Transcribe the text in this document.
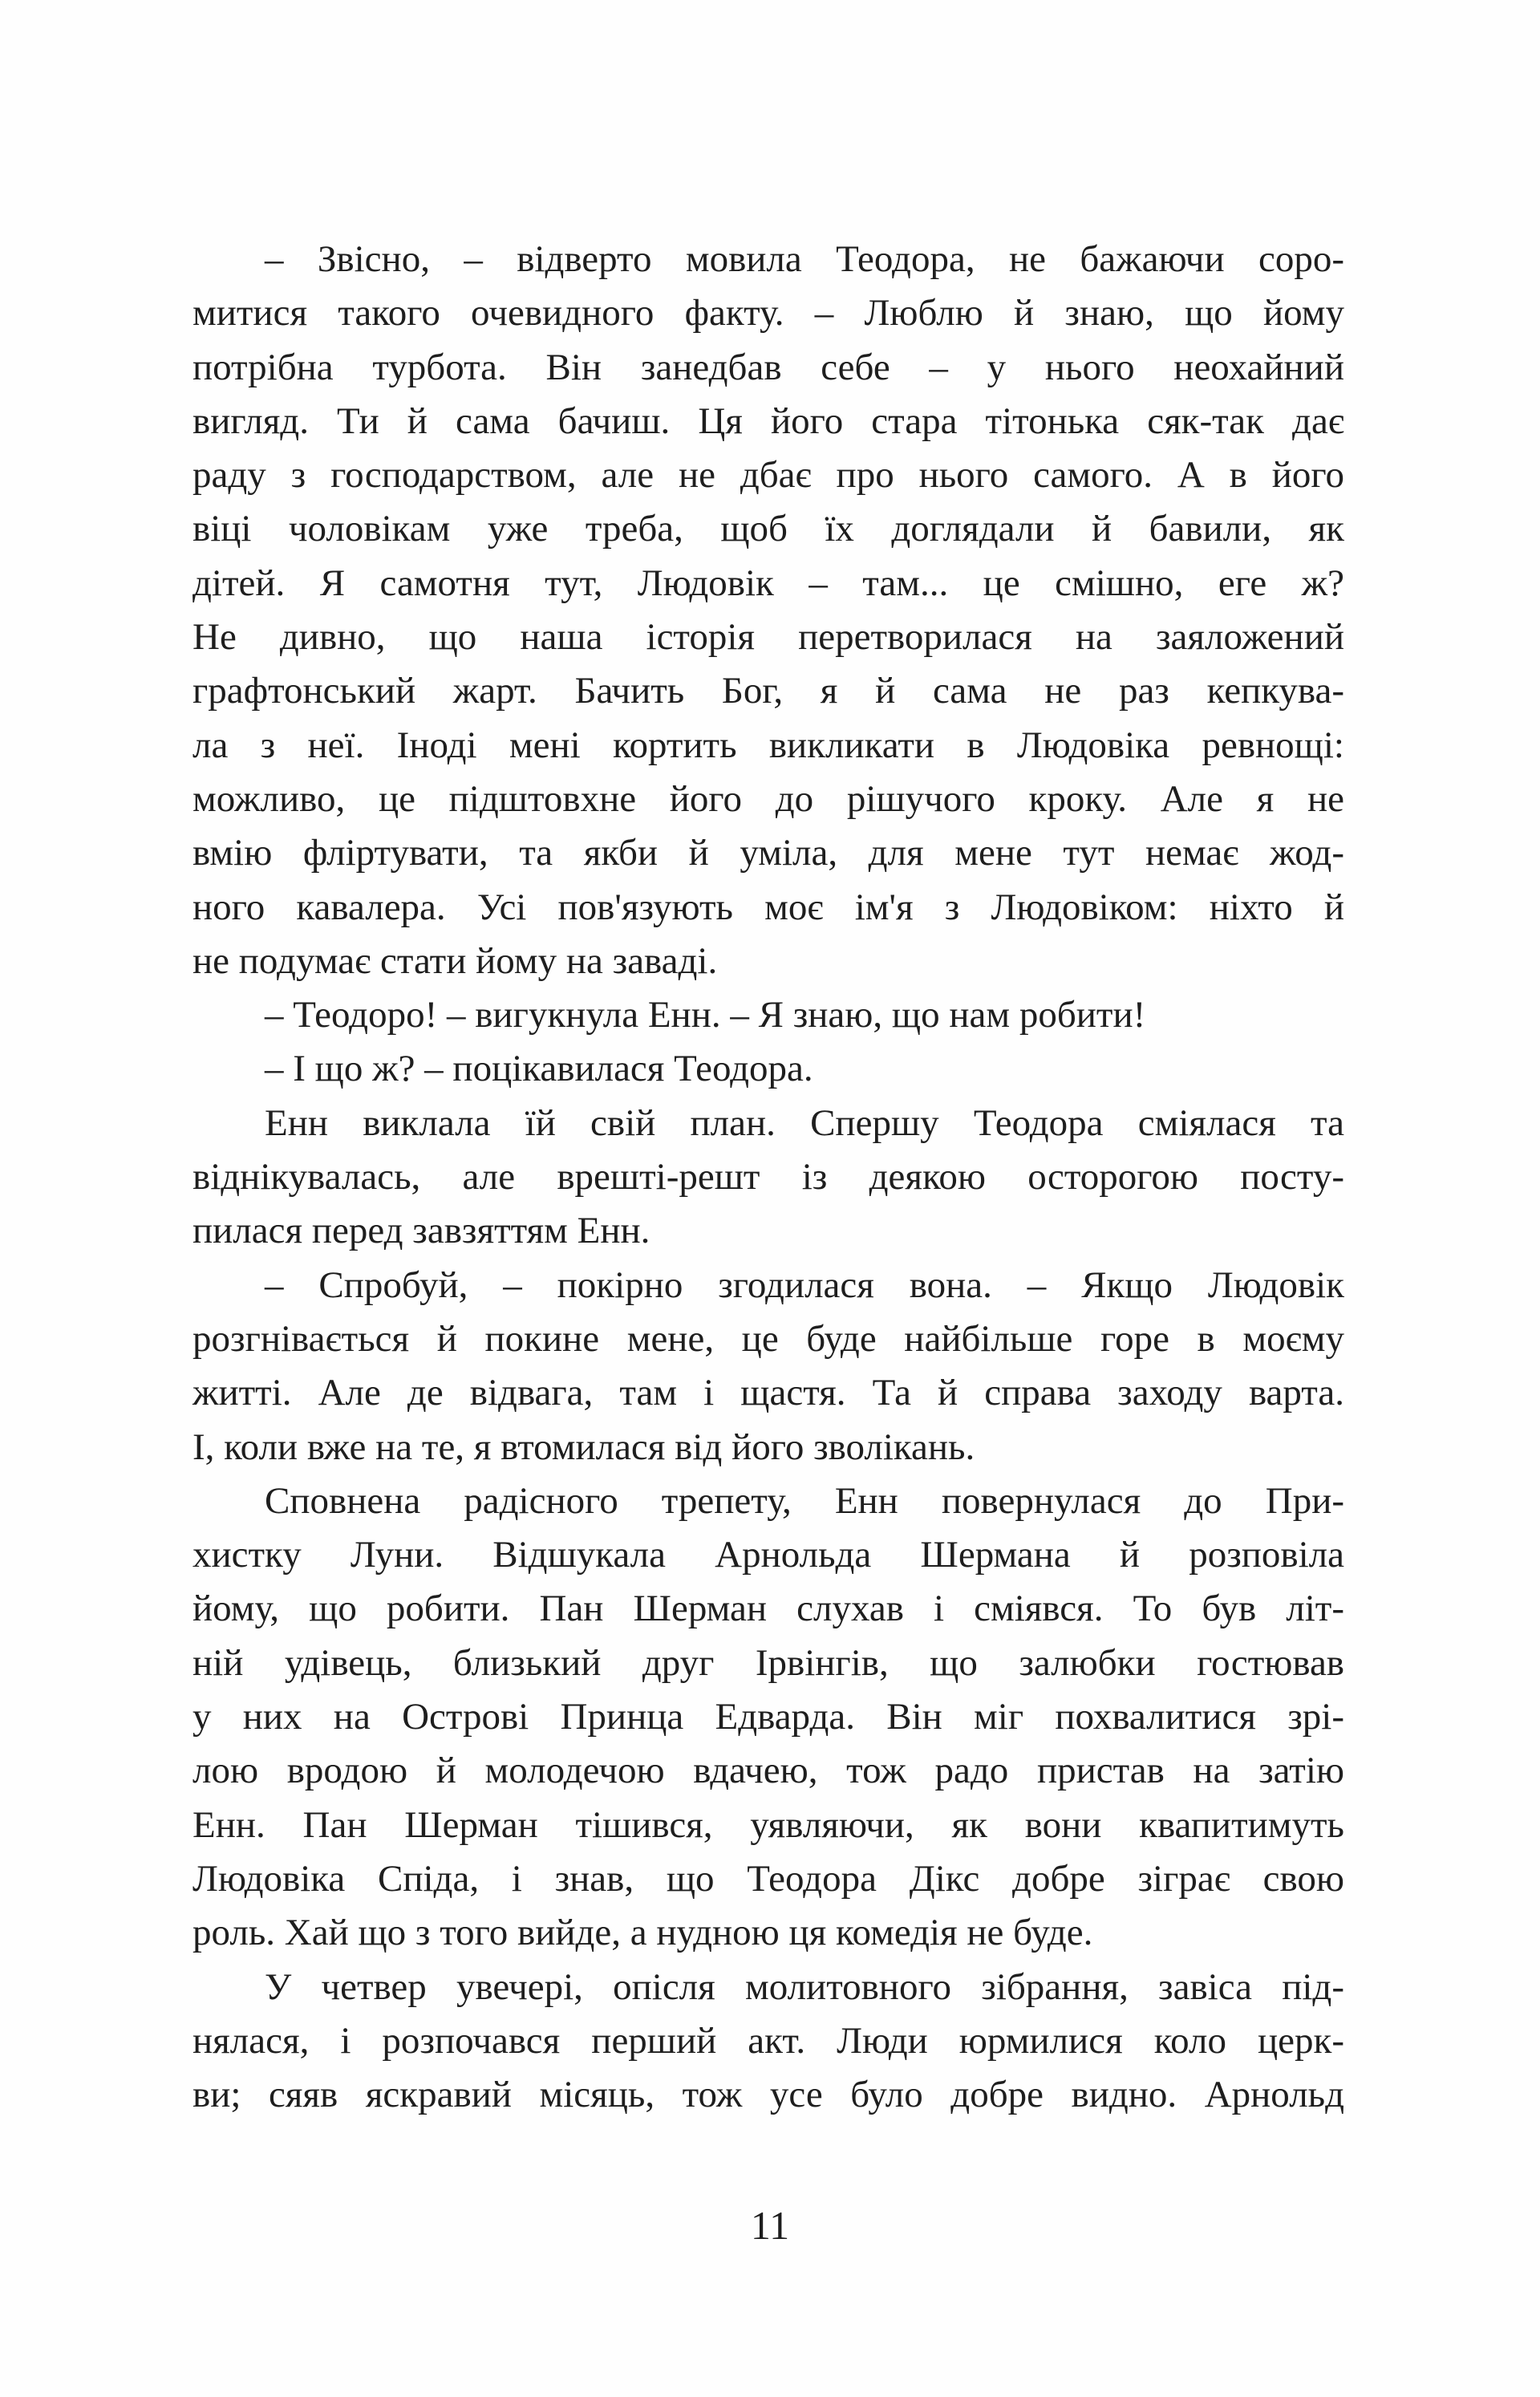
– Звісно, – відверто мовила Теодора, не бажаючи соро-
митися такого очевидного факту. – Люблю й знаю, що йому
потрібна турбота. Він занедбав себе – у нього неохайний
вигляд. Ти й сама бачиш. Ця його стара тітонька сяк-так дає
раду з господарством, але не дбає про нього самого. А в його
віці чоловікам уже треба, щоб їх доглядали й бавили, як
дітей. Я самотня тут, Людовік – там... це смішно, еге ж?
Не дивно, що наша історія перетворилася на заяложений
графтонський жарт. Бачить Бог, я й сама не раз кепкува-
ла з неї. Іноді мені кортить викликати в Людовіка ревнощі:
можливо, це підштовхне його до рішучого кроку. Але я не
вмію фліртувати, та якби й уміла, для мене тут немає жод-
ного кавалера. Усі пов'язують моє ім'я з Людовіком: ніхто й
не подумає стати йому на заваді.
– Теодоро! – вигукнула Енн. – Я знаю, що нам робити!
– І що ж? – поцікавилася Теодора.
Енн виклала їй свій план. Спершу Теодора сміялася та
віднікувалась, але врешті-решт із деякою осторогою посту-
пилася перед завзяттям Енн.
– Спробуй, – покірно згодилася вона. – Якщо Людовік
розгнівається й покине мене, це буде найбільше горе в моєму
житті. Але де відвага, там і щастя. Та й справа заходу варта.
І, коли вже на те, я втомилася від його зволікань.
Сповнена радісного трепету, Енн повернулася до При-
хистку Луни. Відшукала Арнольда Шермана й розповіла
йому, що робити. Пан Шерман слухав і сміявся. То був літ-
ній удівець, близький друг Ірвінгів, що залюбки гостював
у них на Острові Принца Едварда. Він міг похвалитися зрі-
лою вродою й молодечою вдачею, тож радо пристав на затію
Енн. Пан Шерман тішився, уявляючи, як вони квапитимуть
Людовіка Спіда, і знав, що Теодора Дікс добре зіграє свою
роль. Хай що з того вийде, а нудною ця комедія не буде.
У четвер увечері, опісля молитовного зібрання, завіса під-
нялася, і розпочався перший акт. Люди юрмилися коло церк-
ви; сяяв яскравий місяць, тож усе було добре видно. Арнольд
11
